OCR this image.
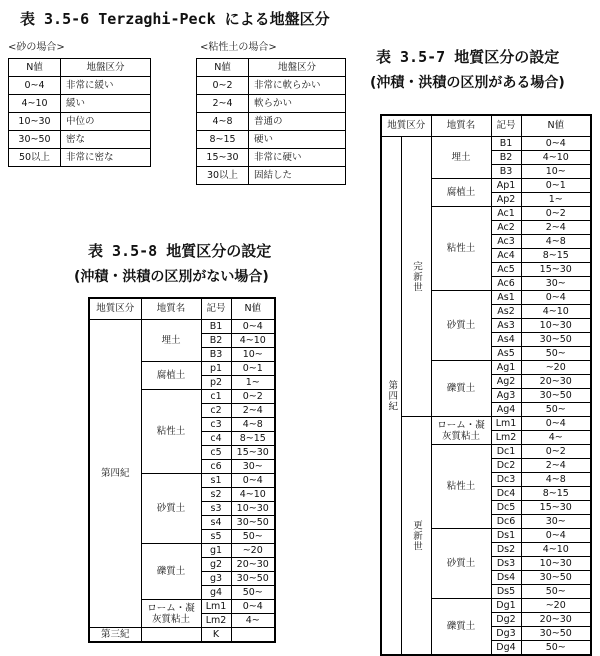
表 3.5-6 Terzaghi-Peck による地盤区分
<砂の場合>	<粘性土の場合>
N値	地盤区分
0~4	非常に緩い
4~10	緩い
10~30	中位の
30~50	密な
50以上	非常に密な
N値	地盤区分
0~2	非常に軟らかい
2~4	軟らかい
4~8	普通の
8~15	硬い
15~30	非常に硬い
30以上	固結した
表 3.5-8 地質区分の設定
(沖積・洪積の区別がない場合)
地質区分	地質名	記号	N値
第四紀	埋土	B1	0~4
		B2	4~10
		B3	10~
	腐植土	p1	0~1
		p2	1~
	粘性土	c1	0~2
		c2	2~4
		c3	4~8
		c4	8~15
		c5	15~30
		c6	30~
	砂質土	s1	0~4
		s2	4~10
		s3	10~30
		s4	30~50
		s5	50~
	礫質土	g1	~20
		g2	20~30
		g3	30~50
		g4	50~
	ローム・凝
灰質粘土	Lm1	0~4
		Lm2	4~
第三紀		K	
表 3.5-7 地質区分の設定
(沖積・洪積の区別がある場合)
地質区分		地質名	記号	N値
第四紀	完新世	埋土	B1	0~4
			B2	4~10
			B3	10~
		腐植土	Ap1	0~1
			Ap2	1~
		粘性土	Ac1	0~2
			Ac2	2~4
			Ac3	4~8
			Ac4	8~15
			Ac5	15~30
			Ac6	30~
		砂質土	As1	0~4
			As2	4~10
			As3	10~30
			As4	30~50
			As5	50~
		礫質土	Ag1	~20
			Ag2	20~30
			Ag3	30~50
			Ag4	50~
	更新世	ローム・凝
灰質粘土	Lm1	0~4
			Lm2	4~
		粘性土	Dc1	0~2
			Dc2	2~4
			Dc3	4~8
			Dc4	8~15
			Dc5	15~30
			Dc6	30~
		砂質土	Ds1	0~4
			Ds2	4~10
			Ds3	10~30
			Ds4	30~50
			Ds5	50~
		礫質土	Dg1	~20
			Dg2	20~30
			Dg3	30~50
			Dg4	50~
